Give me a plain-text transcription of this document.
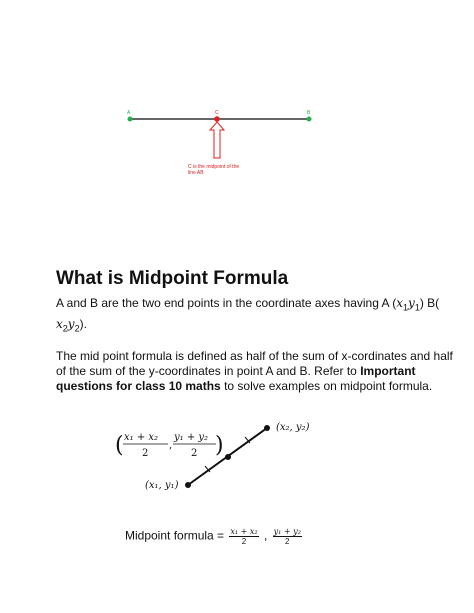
A	C	B
C is the midpoint of the
line AB
What is Midpoint Formula
A and B are the two end points in the coordinate axes having A $(x_1y_1)$ B(
$x_2y_2$).
The mid point formula is defined as half of the sum of x-cordinates and half
of the sum of the y-coordinates in point A and B. Refer to Important
questions for class 10 maths to solve examples on midpoint formula.
( x₁ + x₂
2
,
y₁ + y₂
2 )
(x₂, y₂)
(x₁, y₁)
Midpoint formula = $\frac{\text{x₁ + x₂}}{2}$ , $\frac{\text{y₁ + y₂}}{2}$
